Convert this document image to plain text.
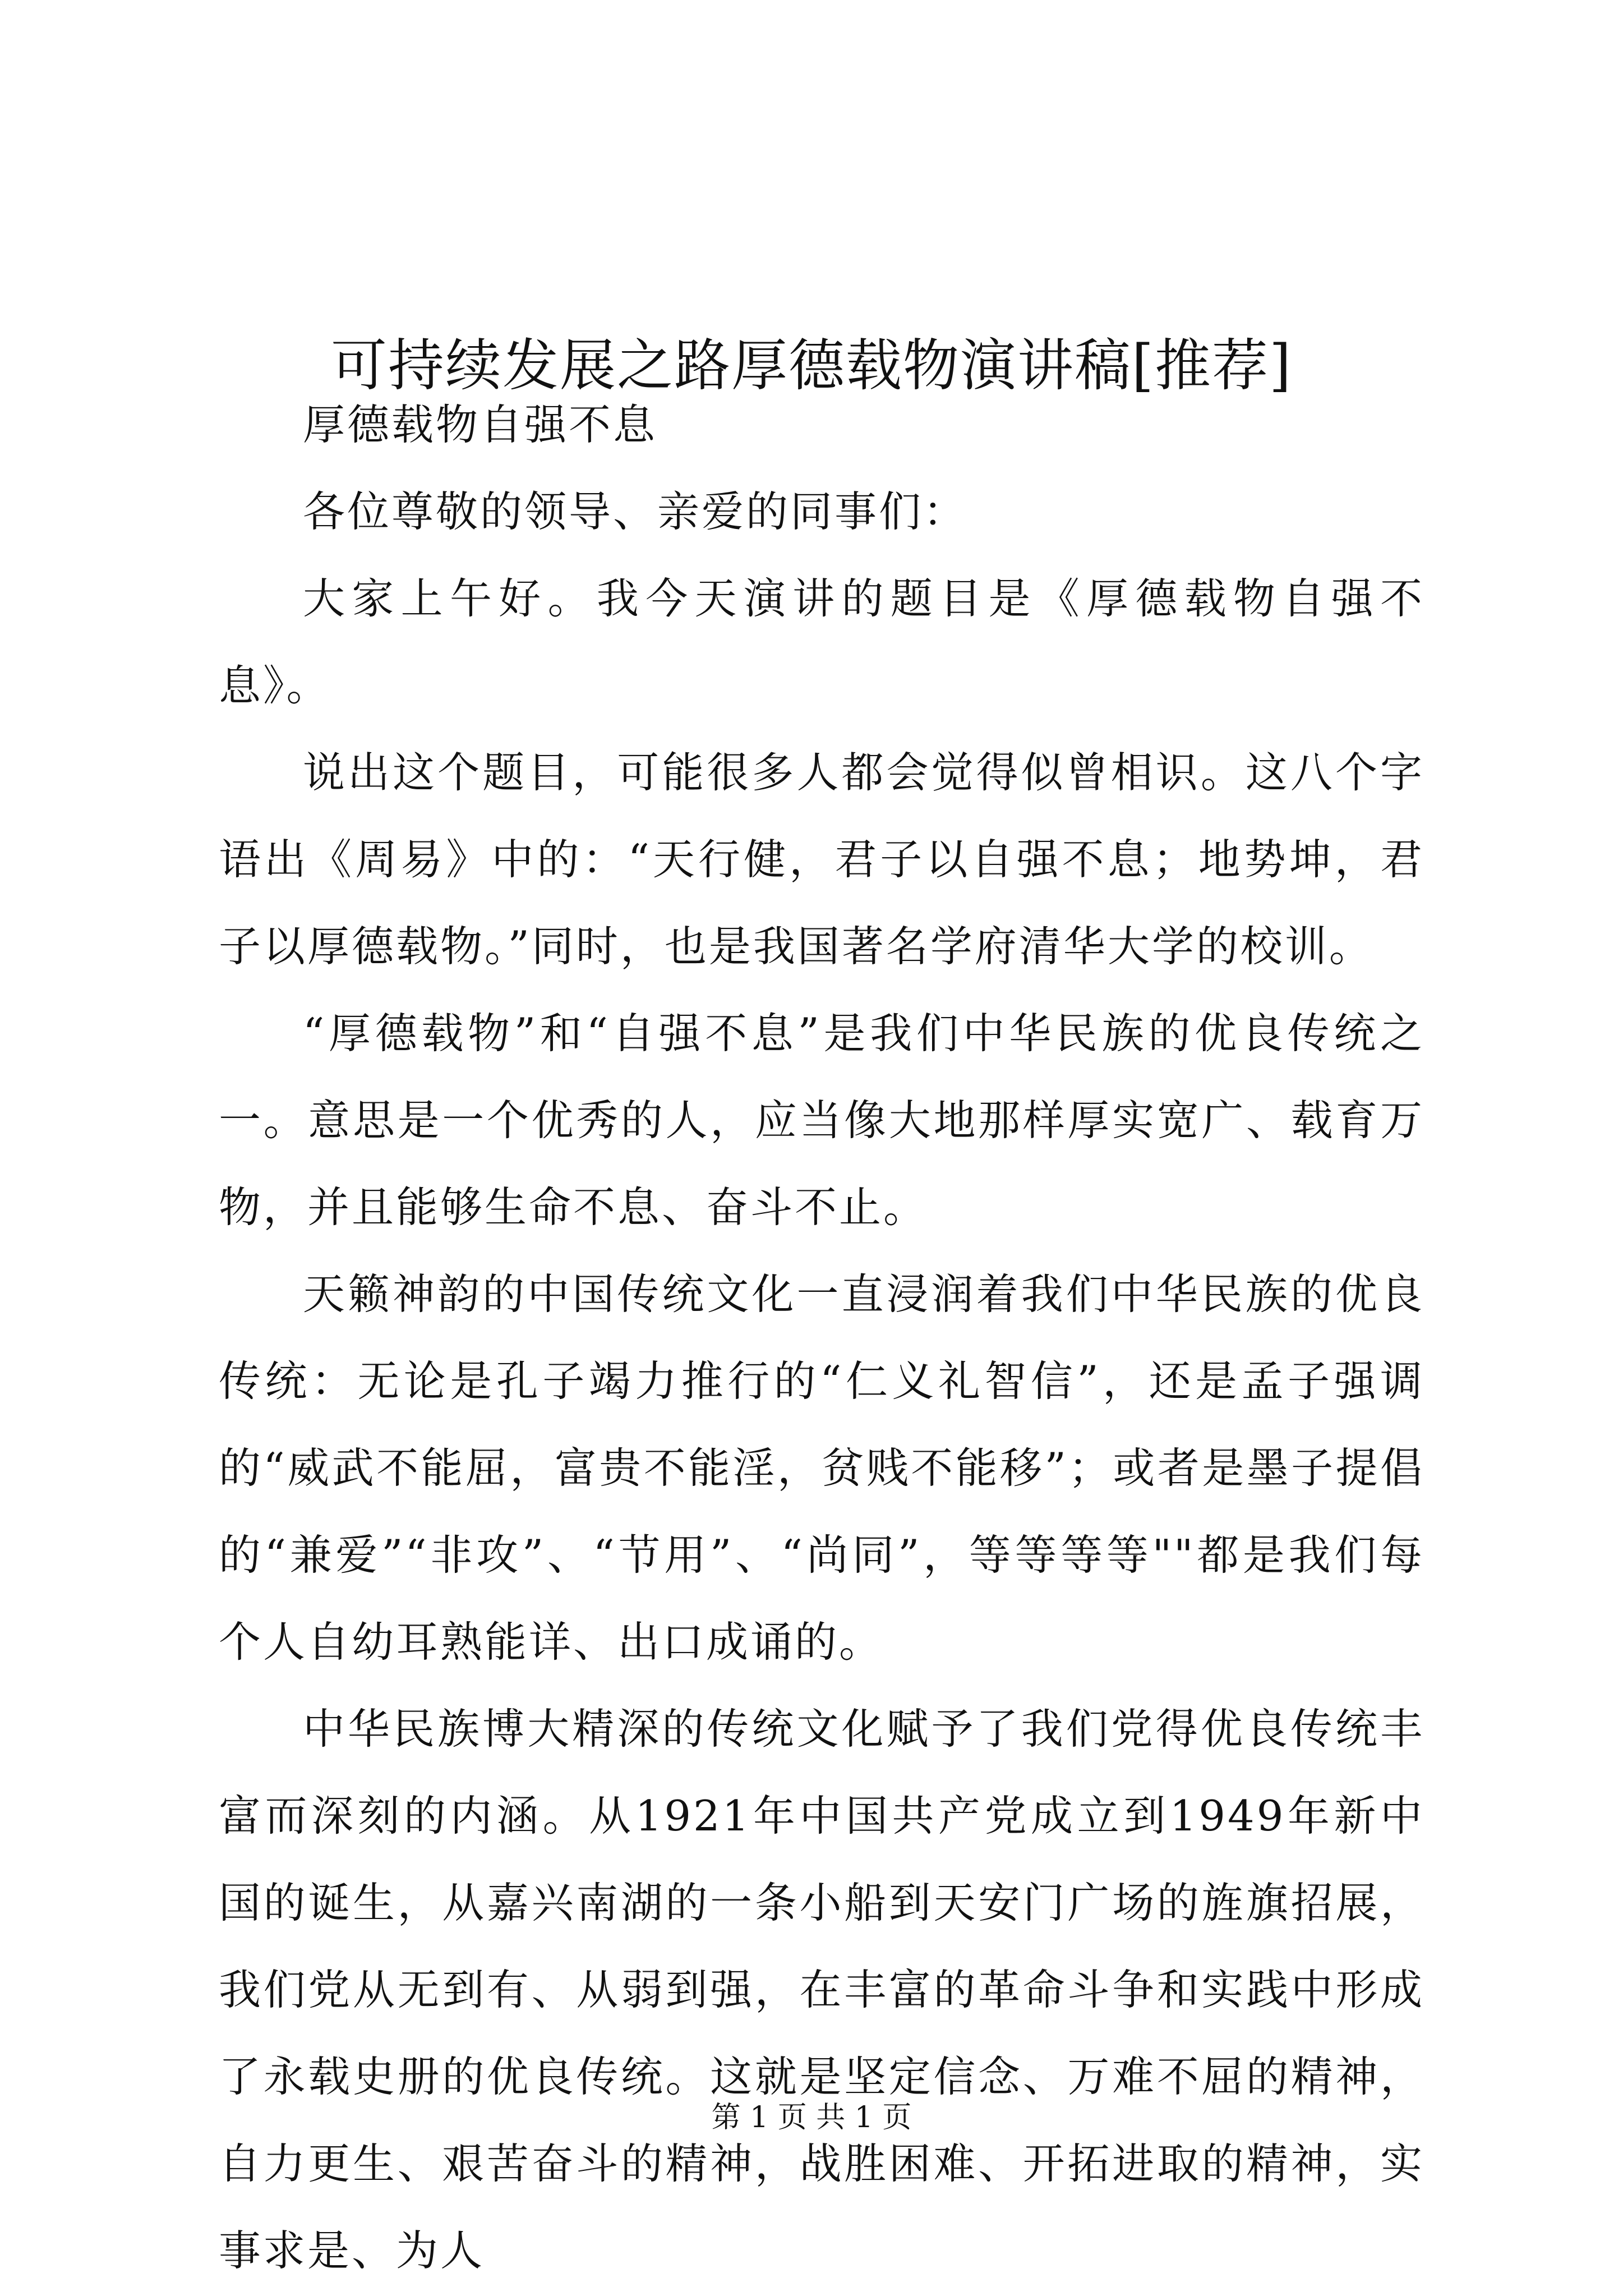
可持续发展之路厚德载物演讲稿[推荐]

厚德载物自强不息

各位尊敬的领导、亲爱的同事们：

大家上午好。我今天演讲的题目是《厚德载物自强不息》。

说出这个题目，可能很多人都会觉得似曾相识。这八个字语出《周易》中的：“天行健，君子以自强不息；地势坤，君子以厚德载物。”同时，也是我国著名学府清华大学的校训。

“厚德载物”和“自强不息”是我们中华民族的优良传统之一。意思是一个优秀的人，应当像大地那样厚实宽广、载育万物，并且能够生命不息、奋斗不止。

天籁神韵的中国传统文化一直浸润着我们中华民族的优良传统：无论是孔子竭力推行的“仁义礼智信”，还是孟子强调的“威武不能屈，富贵不能淫，贫贱不能移”；或者是墨子提倡的“兼爱”“非攻”、“节用”、“尚同”，等等等等""都是我们每个人自幼耳熟能详、出口成诵的。

中华民族博大精深的传统文化赋予了我们党得优良传统丰富而深刻的内涵。从1921年中国共产党成立到1949年新中国的诞生，从嘉兴南湖的一条小船到天安门广场的旌旗招展，我们党从无到有、从弱到强，在丰富的革命斗争和实践中形成了永载史册的优良传统。这就是坚定信念、万难不屈的精神，自力更生、艰苦奋斗的精神，战胜困难、开拓进取的精神，实事求是、为人

第 1 页 共 1 页
